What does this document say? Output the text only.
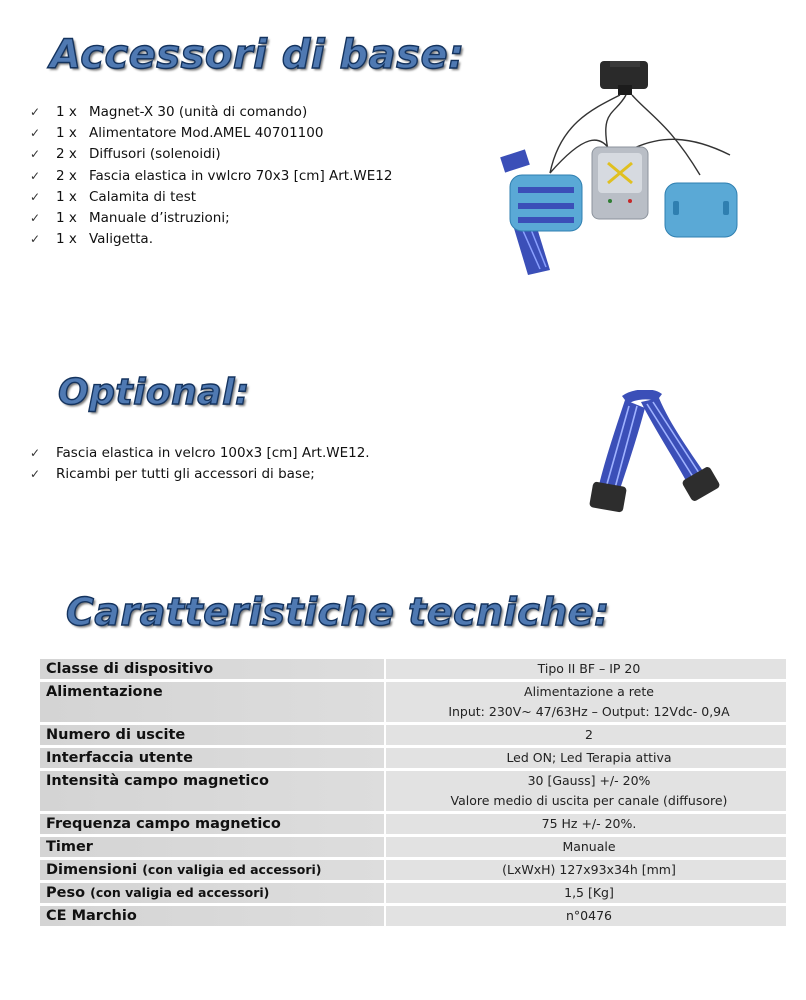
Accessori di base:
✓ 1 x Magnet-X 30 (unità di comando)
✓ 1 x Alimentatore Mod.AMEL 40701100
✓ 2 x Diffusori (solenoidi)
✓ 2 x Fascia elastica in vwlcro 70x3 [cm] Art.WE12
✓ 1 x Calamita di test
✓ 1 x Manuale d’istruzioni;
✓ 1 x Valigetta.
Optional:
✓ Fascia elastica in velcro 100x3 [cm] Art.WE12.
✓ Ricambi per tutti gli accessori di base;
Caratteristiche tecniche:
Classe di dispositivo	Tipo II BF – IP 20

Alimentazione	Alimentazione a rete
Input: 230V~ 47/63Hz – Output: 12Vdc- 0,9A

Numero di uscite	2

Interfaccia utente	Led ON; Led Terapia attiva

Intensità campo magnetico	30 [Gauss] +/- 20%
Valore medio di uscita per canale (diffusore)

Frequenza campo magnetico	75 Hz +/- 20%.

Timer	Manuale

Dimensioni (con valigia ed accessori)	(LxWxH) 127x93x34h [mm]

Peso (con valigia ed accessori)	1,5 [Kg]

CE Marchio	n°0476
